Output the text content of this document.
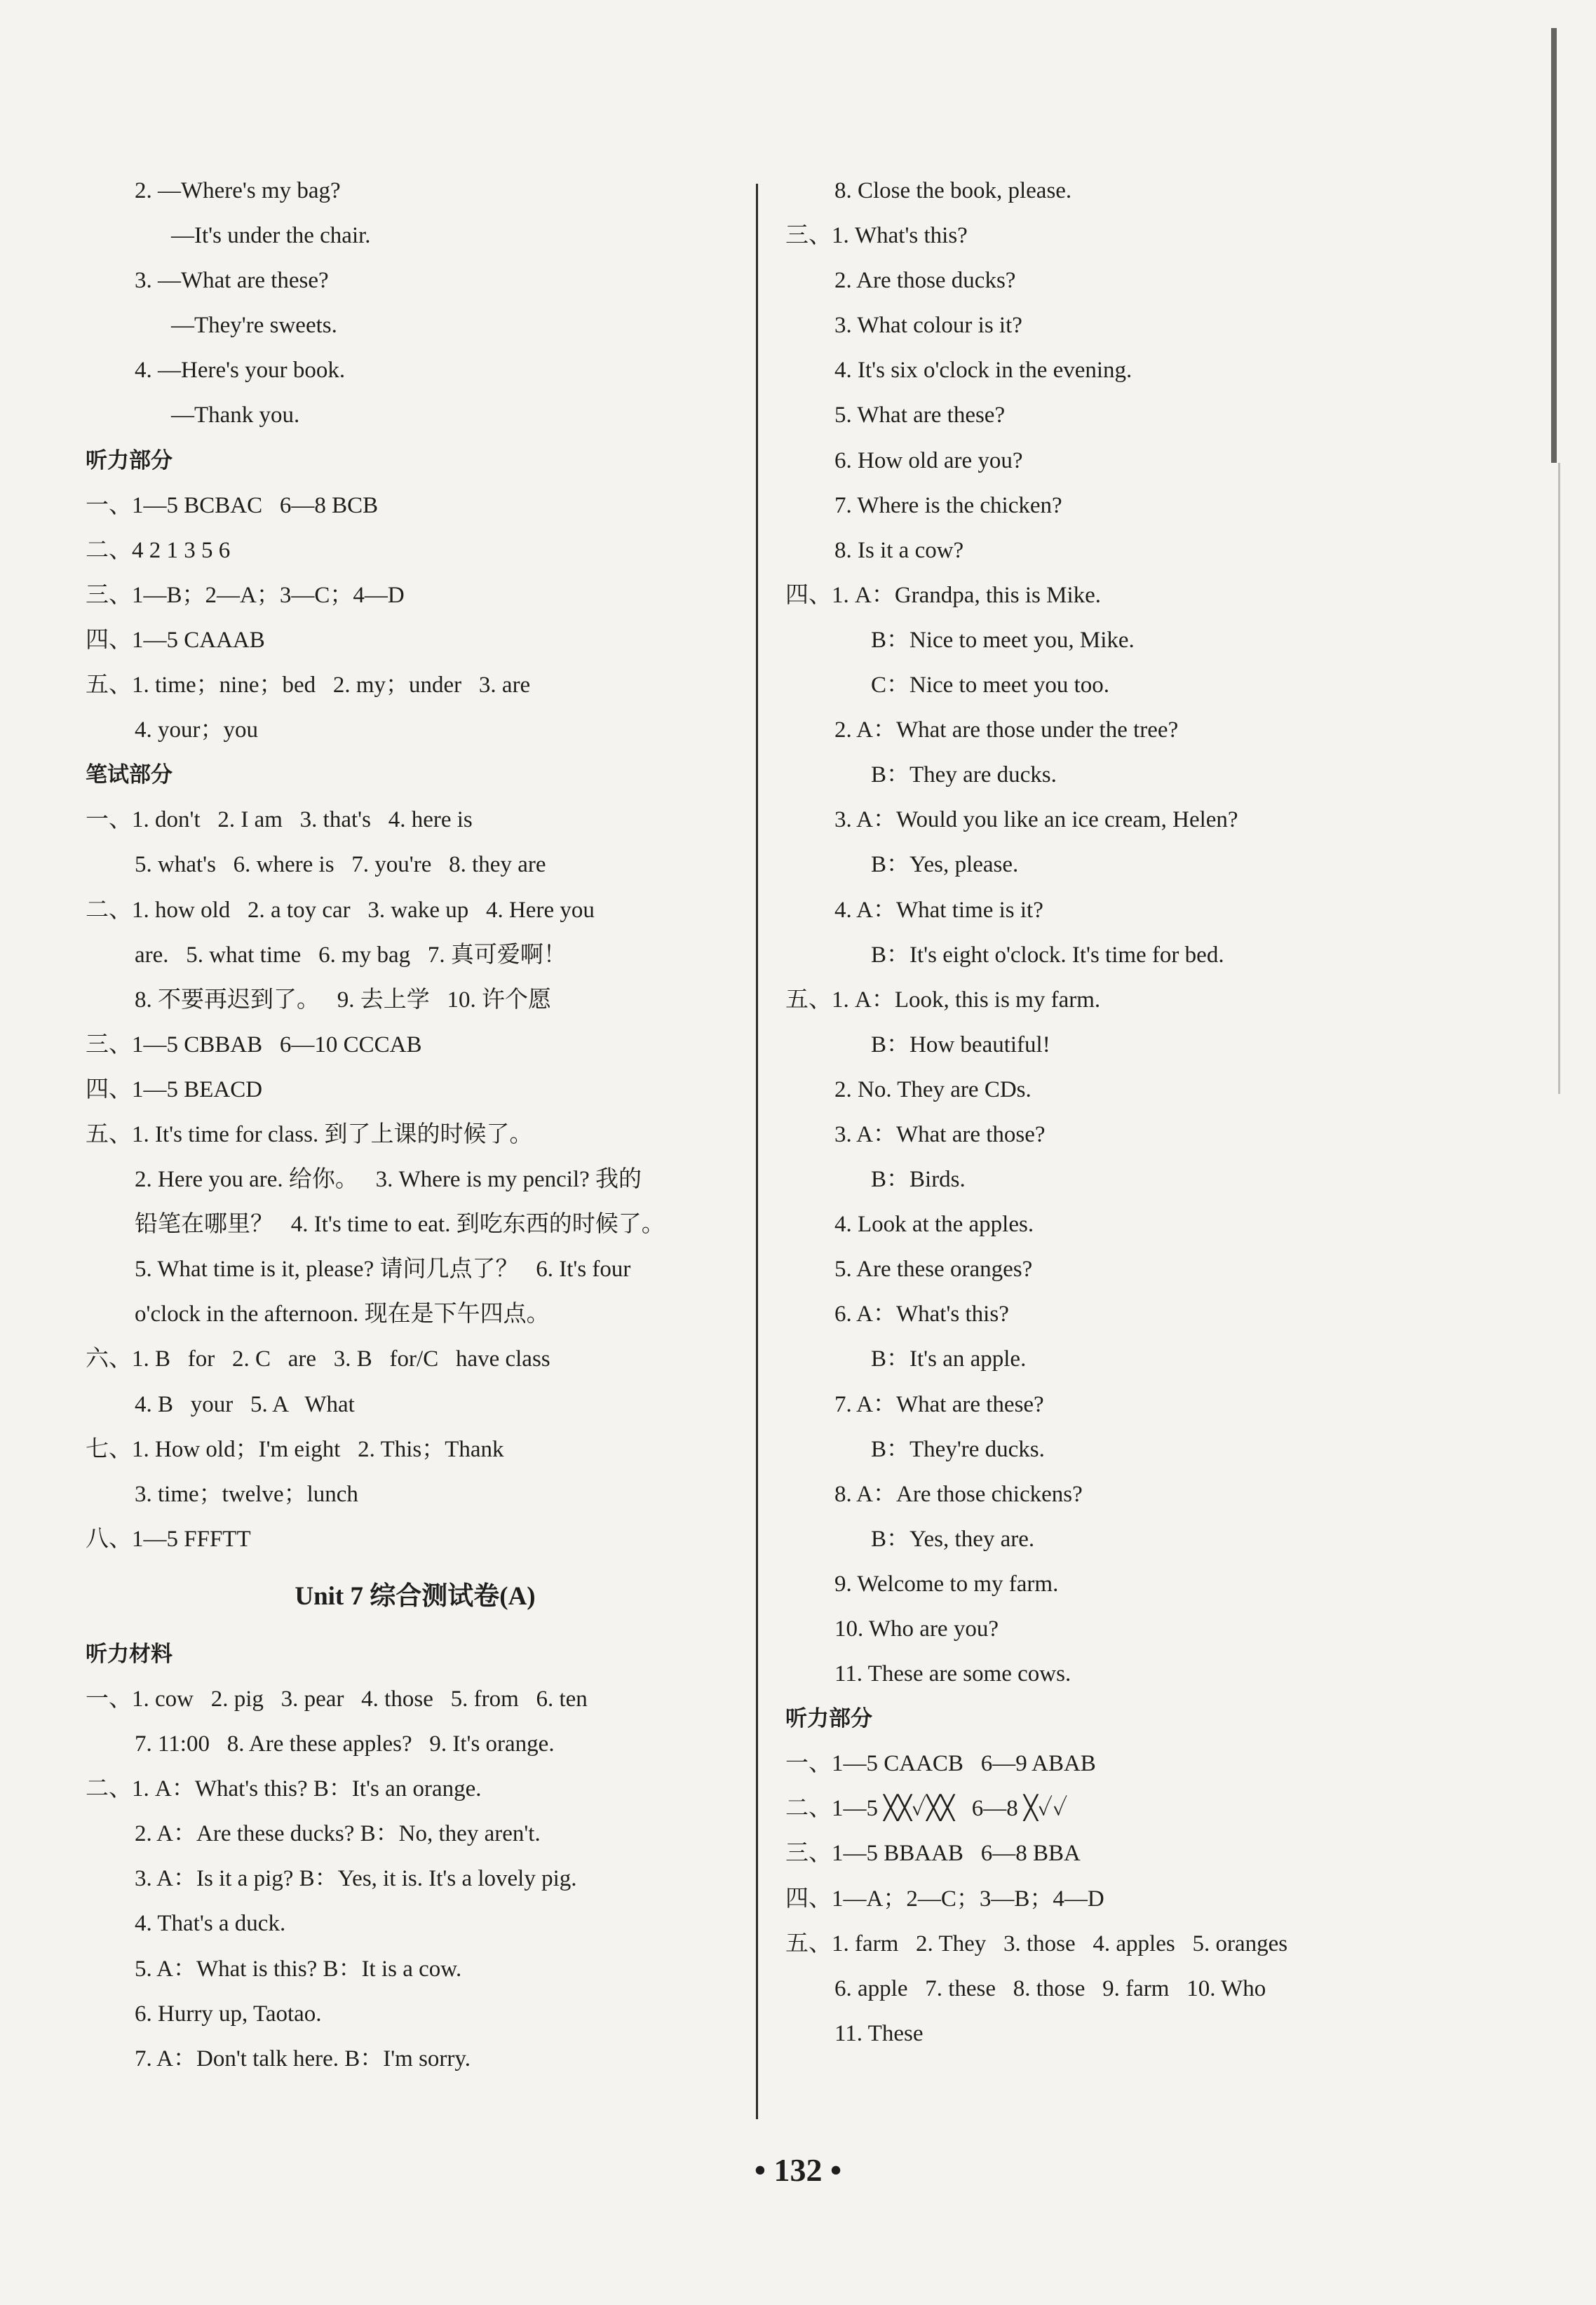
2. —Where's my bag?
—It's under the chair.
3. —What are these?
—They're sweets.
4. —Here's your book.
—Thank you.
听力部分
一、1—5 BCBAC   6—8 BCB
二、4 2 1 3 5 6
三、1—B；2—A；3—C；4—D
四、1—5 CAAAB
五、1. time；nine；bed   2. my；under   3. are
4. your；you
笔试部分
一、1. don't   2. I am   3. that's   4. here is
5. what's   6. where is   7. you're   8. they are
二、1. how old   2. a toy car   3. wake up   4. Here you
are.   5. what time   6. my bag   7. 真可爱啊！
8. 不要再迟到了。   9. 去上学   10. 许个愿
三、1—5 CBBAB   6—10 CCCAB
四、1—5 BEACD
五、1. It's time for class. 到了上课的时候了。
2. Here you are. 给你。   3. Where is my pencil? 我的
铅笔在哪里？   4. It's time to eat. 到吃东西的时候了。
5. What time is it, please? 请问几点了？   6. It's four
o'clock in the afternoon. 现在是下午四点。
六、1. B   for   2. C   are   3. B   for/C   have class
4. B   your   5. A   What
七、1. How old；I'm eight   2. This；Thank
3. time；twelve；lunch
八、1—5 FFFTT
Unit 7 综合测试卷(A)
听力材料
一、1. cow   2. pig   3. pear   4. those   5. from   6. ten
7. 11:00   8. Are these apples?   9. It's orange.
二、1. A：What's this? B：It's an orange.
2. A：Are these ducks? B：No, they aren't.
3. A：Is it a pig? B：Yes, it is. It's a lovely pig.
4. That's a duck.
5. A：What is this? B：It is a cow.
6. Hurry up, Taotao.
7. A：Don't talk here. B：I'm sorry.
8. Close the book, please.
三、1. What's this?
2. Are those ducks?
3. What colour is it?
4. It's six o'clock in the evening.
5. What are these?
6. How old are you?
7. Where is the chicken?
8. Is it a cow?
四、1. A：Grandpa, this is Mike.
B：Nice to meet you, Mike.
C：Nice to meet you too.
2. A：What are those under the tree?
B：They are ducks.
3. A：Would you like an ice cream, Helen?
B：Yes, please.
4. A：What time is it?
B：It's eight o'clock. It's time for bed.
五、1. A：Look, this is my farm.
B：How beautiful!
2. No. They are CDs.
3. A：What are those?
B：Birds.
4. Look at the apples.
5. Are these oranges?
6. A：What's this?
B：It's an apple.
7. A：What are these?
B：They're ducks.
8. A：Are those chickens?
B：Yes, they are.
9. Welcome to my farm.
10. Who are you?
11. These are some cows.
听力部分
一、1—5 CAACB   6—9 ABAB
二、1—5 ╳╳✓╳╳   6—8 ╳✓✓
三、1—5 BBAAB   6—8 BBA
四、1—A；2—C；3—B；4—D
五、1. farm   2. They   3. those   4. apples   5. oranges
6. apple   7. these   8. those   9. farm   10. Who
11. These
• 132 •
